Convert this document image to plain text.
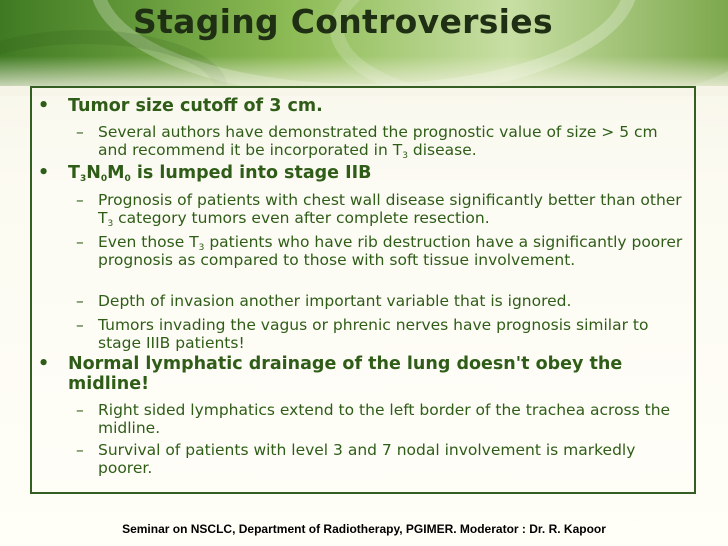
Staging Controversies
• Tumor size cutoff of 3 cm.
– Several authors have demonstrated the prognostic value of size > 5 cm and recommend it be incorporated in $T_3$ disease.
• $T_3N_0M_0$ is lumped into stage IIB
– Prognosis of patients with chest wall disease significantly better than other $T_3$ category tumors even after complete resection.
– Even those $T_3$ patients who have rib destruction have a significantly poorer prognosis as compared to those with soft tissue involvement.
– Depth of invasion another important variable that is ignored.
– Tumors invading the vagus or phrenic nerves have prognosis similar to stage IIIB patients!
• Normal lymphatic drainage of the lung doesn't obey the midline!
– Right sided lymphatics extend to the left border of the trachea across the midline.
– Survival of patients with level 3 and 7 nodal involvement is markedly poorer.
Seminar on NSCLC, Department of Radiotherapy, PGIMER. Moderator : Dr. R. Kapoor
